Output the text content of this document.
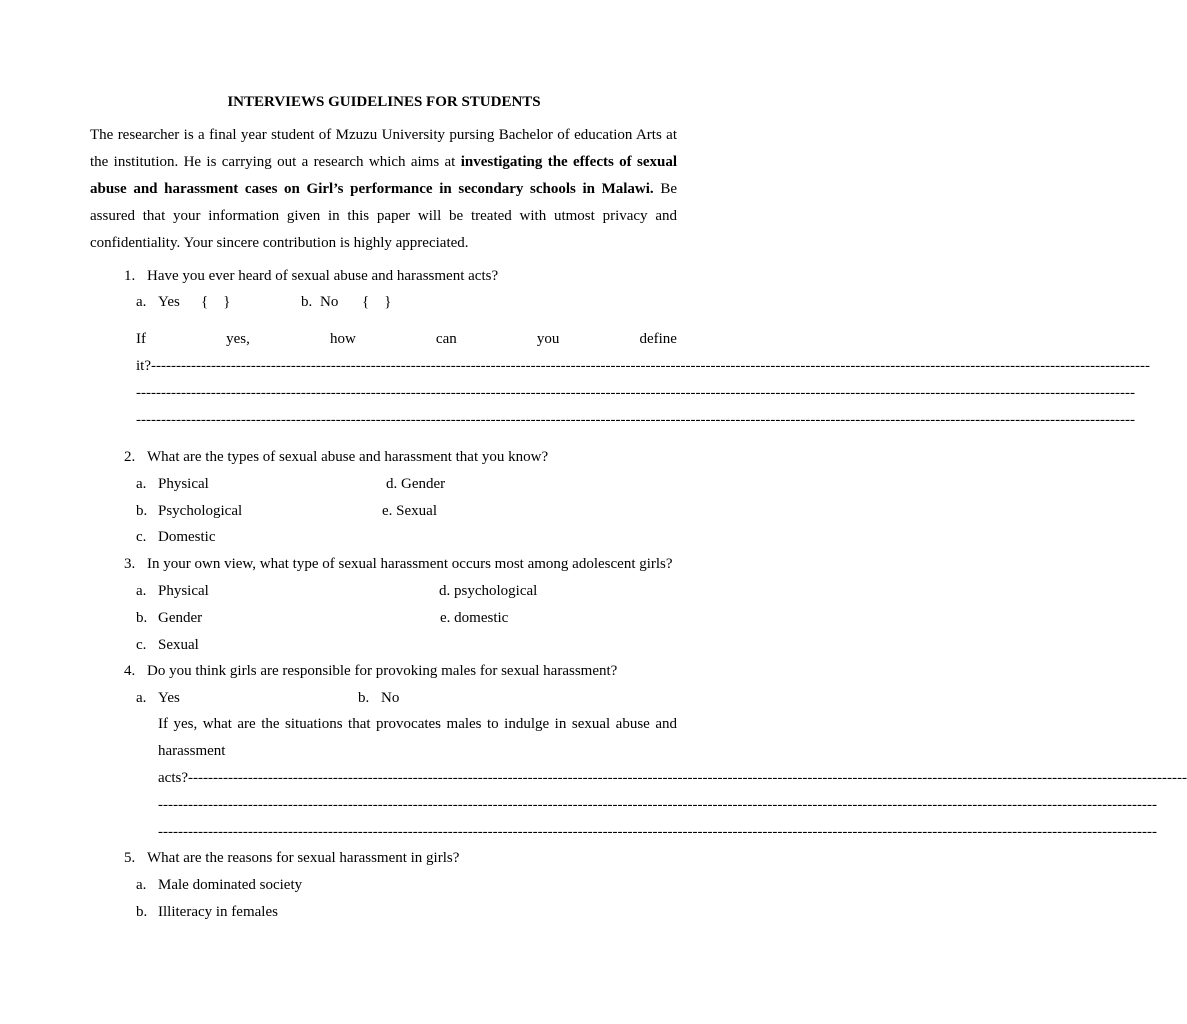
INTERVIEWS GUIDELINES FOR STUDENTS
The researcher is a final year student of Mzuzu University pursing Bachelor of education Arts at the institution. He is carrying out a research which aims at investigating the effects of sexual abuse and harassment cases on Girl’s performance in secondary schools in Malawi. Be assured that your information given in this paper will be treated with utmost privacy and confidentiality. Your sincere contribution is highly appreciated.
1. Have you ever heard of sexual abuse and harassment acts?
a. Yes {    }	b. No {    }
If	yes,	how	can	you	define
it?--------------------------------------------------------------------------------------------------------------------------------------------------------------------------------------------------------
--------------------------------------------------------------------------------------------------------------------------------------------------------------------------------------------------------
--------------------------------------------------------------------------------------------------------------------------------------------------------------------------------------------------------
2. What are the types of sexual abuse and harassment that you know?
a. Physical	d. Gender
b. Psychological	e. Sexual
c. Domestic
3. In your own view, what type of sexual harassment occurs most among adolescent girls?
a. Physical	d. psychological
b. Gender	e. domestic
c. Sexual
4. Do you think girls are responsible for provoking males for sexual harassment?
a. Yes	b. No
If yes, what are the situations that provocates males to indulge in sexual abuse and harassment
acts?--------------------------------------------------------------------------------------------------------------------------------------------------------------------------------------------------------
--------------------------------------------------------------------------------------------------------------------------------------------------------------------------------------------------------
--------------------------------------------------------------------------------------------------------------------------------------------------------------------------------------------------------
5. What are the reasons for sexual harassment in girls?
a. Male dominated society
b. Illiteracy in females
